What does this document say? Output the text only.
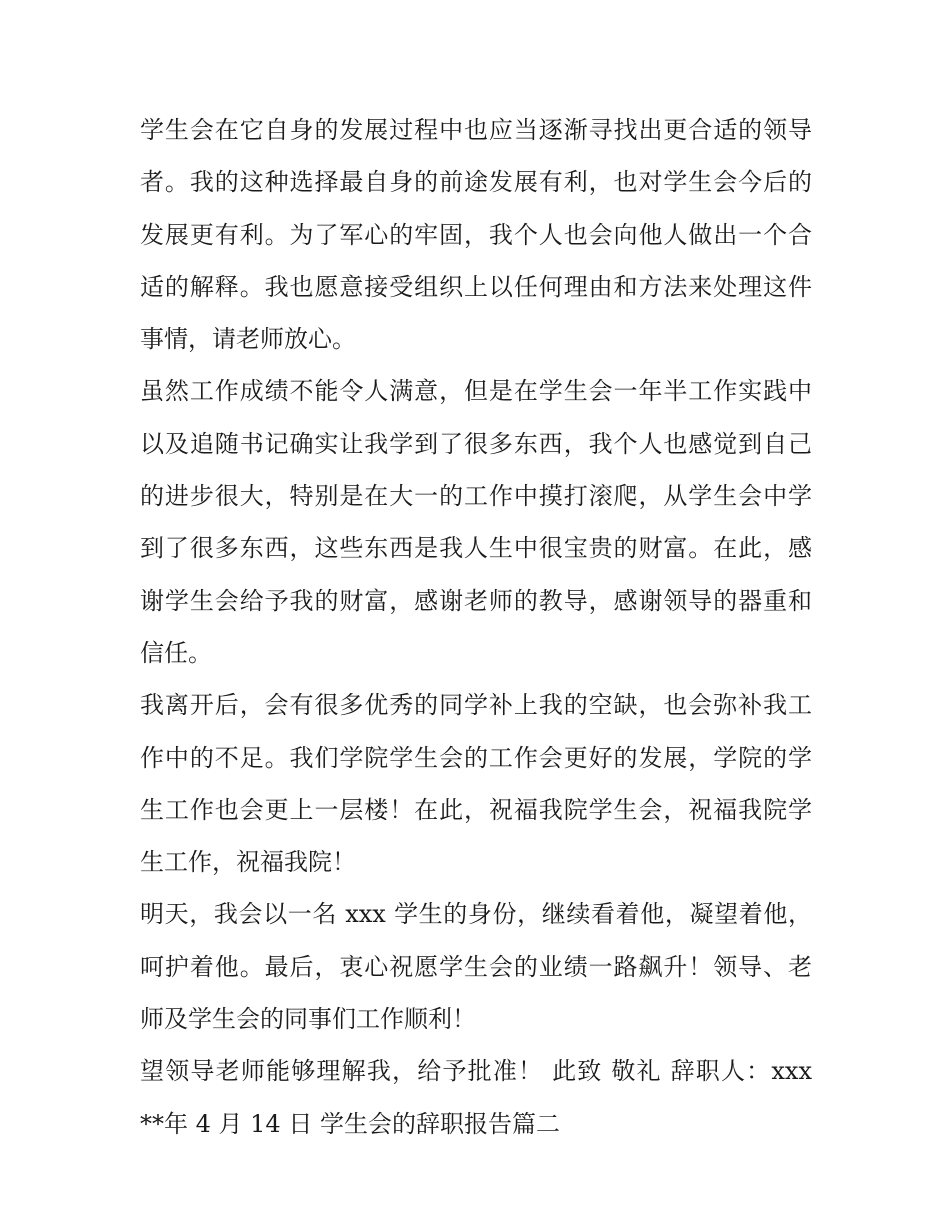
学生会在它自身的发展过程中也应当逐渐寻找出更合适的领导
者。我的这种选择最自身的前途发展有利，也对学生会今后的
发展更有利。为了军心的牢固，我个人也会向他人做出一个合
适的解释。我也愿意接受组织上以任何理由和方法来处理这件
事情，请老师放心。
虽然工作成绩不能令人满意，但是在学生会一年半工作实践中
以及追随书记确实让我学到了很多东西，我个人也感觉到自己
的进步很大，特别是在大一的工作中摸打滚爬，从学生会中学
到了很多东西，这些东西是我人生中很宝贵的财富。在此，感
谢学生会给予我的财富，感谢老师的教导，感谢领导的器重和
信任。
我离开后，会有很多优秀的同学补上我的空缺，也会弥补我工
作中的不足。我们学院学生会的工作会更好的发展，学院的学
生工作也会更上一层楼！在此，祝福我院学生会，祝福我院学
生工作，祝福我院！
明天，我会以一名 xxx 学生的身份，继续看着他，凝望着他，
呵护着他。最后，衷心祝愿学生会的业绩一路飙升！领导、老
师及学生会的同事们工作顺利！
望领导老师能够理解我，给予批准！ 此致 敬礼 辞职人：xxx
**年 4 月 14 日 学生会的辞职报告篇二
